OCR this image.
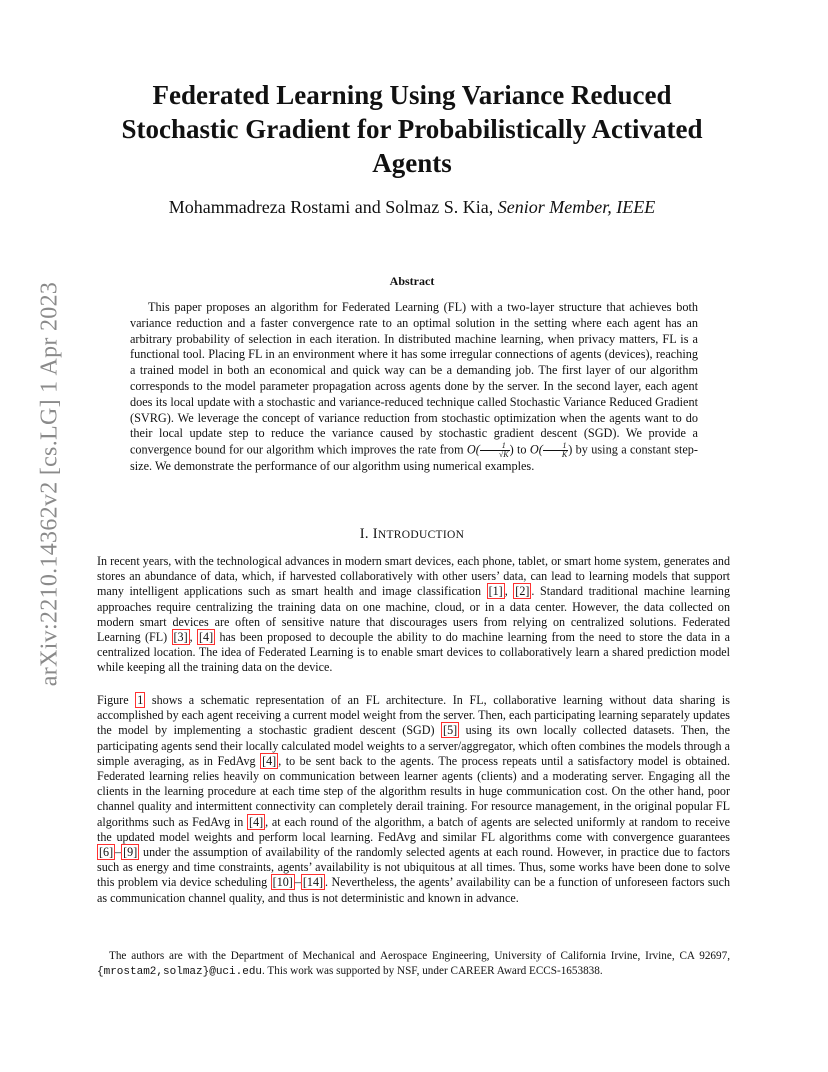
arXiv:2210.14362v2 [cs.LG] 1 Apr 2023
Federated Learning Using Variance Reduced
Stochastic Gradient for Probabilistically Activated
Agents
Mohammadreza Rostami and Solmaz S. Kia, Senior Member, IEEE
Abstract

This paper proposes an algorithm for Federated Learning (FL) with a two-layer structure that achieves both variance reduction and a faster convergence rate to an optimal solution in the setting where each agent has an arbitrary probability of selection in each iteration. In distributed machine learning, when privacy matters, FL is a functional tool. Placing FL in an environment where it has some irregular connections of agents (devices), reaching a trained model in both an economical and quick way can be a demanding job. The first layer of our algorithm corresponds to the model parameter propagation across agents done by the server. In the second layer, each agent does its local update with a stochastic and variance-reduced technique called Stochastic Variance Reduced Gradient (SVRG). We leverage the concept of variance reduction from stochastic optimization when the agents want to do their local update step to reduce the variance caused by stochastic gradient descent (SGD). We provide a convergence bound for our algorithm which improves the rate from $O( \frac{1}{√K}$ ) to $O( \frac{1}{K}$ ) by using a constant step-size. We demonstrate the performance of our algorithm using numerical examples.

I. INTRODUCTION

In recent years, with the technological advances in modern smart devices, each phone, tablet, or smart home system, generates and stores an abundance of data, which, if harvested collaboratively with other users’ data, can lead to learning models that support many intelligent applications such as smart health and image classification [1] , [2] . Standard traditional machine learning approaches require centralizing the training data on one machine, cloud, or in a data center. However, the data collected on modern smart devices are often of sensitive nature that discourages users from relying on centralized solutions. Federated Learning (FL) [3] , [4] has been proposed to decouple the ability to do machine learning from the need to store the data in a centralized location. The idea of Federated Learning is to enable smart devices to collaboratively learn a shared prediction model while keeping all the training data on the device.

Figure 1 shows a schematic representation of an FL architecture. In FL, collaborative learning without data sharing is accomplished by each agent receiving a current model weight from the server. Then, each participating learning separately updates the model by implementing a stochastic gradient descent (SGD) [5] using its own locally collected datasets. Then, the participating agents send their locally calculated model weights to a server/aggregator, which often combines the models through a simple averaging, as in FedAvg [4] , to be sent back to the agents. The process repeats until a satisfactory model is obtained. Federated learning relies heavily on communication between learner agents (clients) and a moderating server. Engaging all the clients in the learning procedure at each time step of the algorithm results in huge communication cost. On the other hand, poor channel quality and intermittent connectivity can completely derail training. For resource management, in the original popular FL algorithms such as FedAvg in [4] , at each round of the algorithm, a batch of agents are selected uniformly at random to receive the updated model weights and perform local learning. FedAvg and similar FL algorithms come with convergence guarantees [6] – [9] under the assumption of availability of the randomly selected agents at each round. However, in practice due to factors such as energy and time constraints, agents’ availability is not ubiquitous at all times. Thus, some works have been done to solve this problem via device scheduling [10] – [14] . Nevertheless, the agents’ availability can be a function of unforeseen factors such as communication channel quality, and thus is not deterministic and known in advance.

The authors are with the Department of Mechanical and Aerospace Engineering, University of California Irvine, Irvine, CA 92697, {mrostam2,solmaz}@uci.edu. This work was supported by NSF, under CAREER Award ECCS-1653838.
